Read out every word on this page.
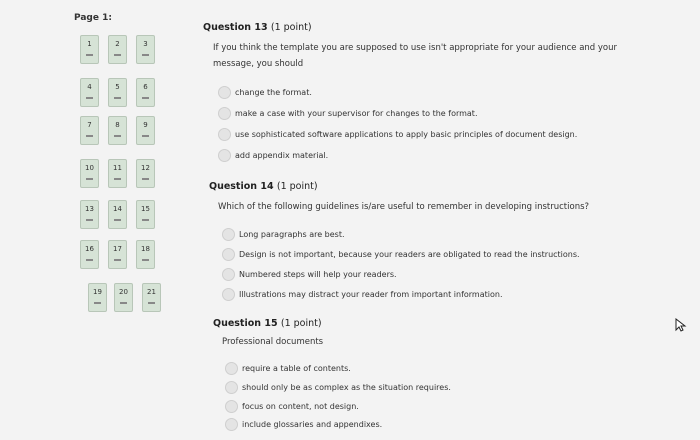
Page 1:
1	2	3
4	5	6
7	8	9
10	11	12
13	14	15
16	17	18
19	20	21
Question 13 (1 point)
If you think the template you are supposed to use isn't appropriate for your audience and your message, you should
change the format.
make a case with your supervisor for changes to the format.
use sophisticated software applications to apply basic principles of document design.
add appendix material.
Question 14 (1 point)
Which of the following guidelines is/are useful to remember in developing instructions?
Long paragraphs are best.
Design is not important, because your readers are obligated to read the instructions.
Numbered steps will help your readers.
Illustrations may distract your reader from important information.
Question 15 (1 point)
Professional documents
require a table of contents.
should only be as complex as the situation requires.
focus on content, not design.
include glossaries and appendixes.
